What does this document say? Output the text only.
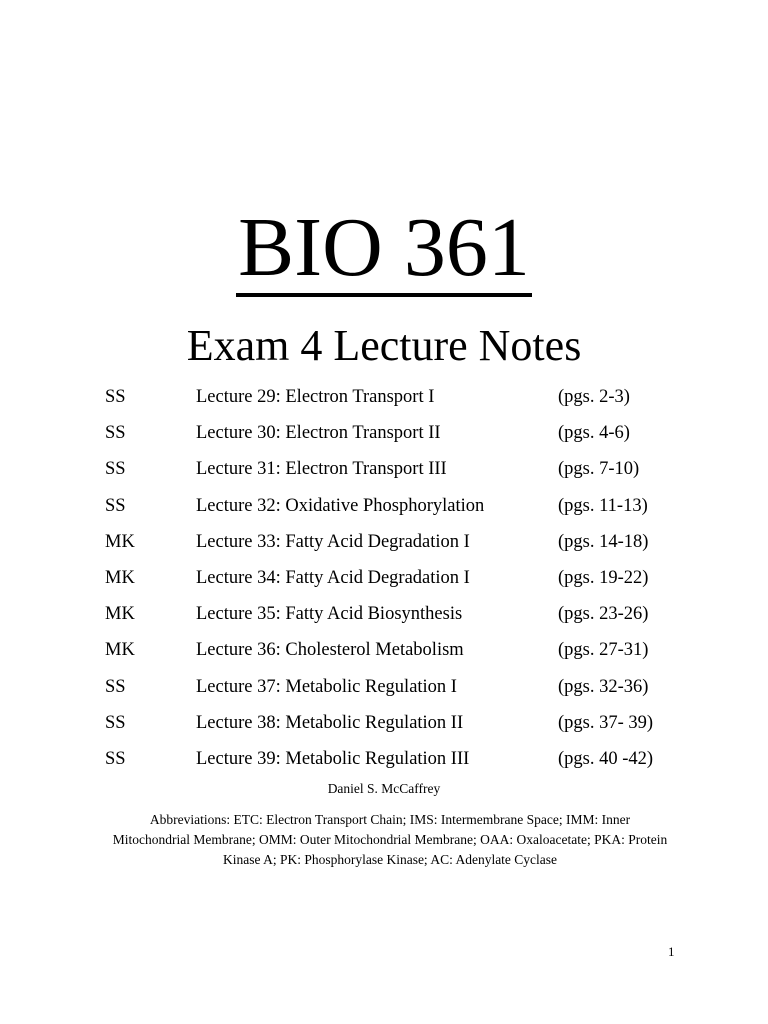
BIO 361
Exam 4 Lecture Notes
SS	Lecture 29: Electron Transport I	(pgs. 2-3)
SS	Lecture 30: Electron Transport II	(pgs. 4-6)
SS	Lecture 31: Electron Transport III	(pgs. 7-10)
SS	Lecture 32: Oxidative Phosphorylation	(pgs. 11-13)
MK	Lecture 33: Fatty Acid Degradation I	(pgs. 14-18)
MK	Lecture 34: Fatty Acid Degradation I	(pgs. 19-22)
MK	Lecture 35: Fatty Acid Biosynthesis	(pgs. 23-26)
MK	Lecture 36: Cholesterol Metabolism	(pgs. 27-31)
SS	Lecture 37: Metabolic Regulation I	(pgs. 32-36)
SS	Lecture 38: Metabolic Regulation II	(pgs. 37- 39)
SS	Lecture 39: Metabolic Regulation III	(pgs. 40 -42)
Daniel S. McCaffrey
Abbreviations: ETC: Electron Transport Chain; IMS: Intermembrane Space; IMM: Inner Mitochondrial Membrane; OMM: Outer Mitochondrial Membrane; OAA: Oxaloacetate; PKA: Protein Kinase A; PK: Phosphorylase Kinase; AC: Adenylate Cyclase
1
